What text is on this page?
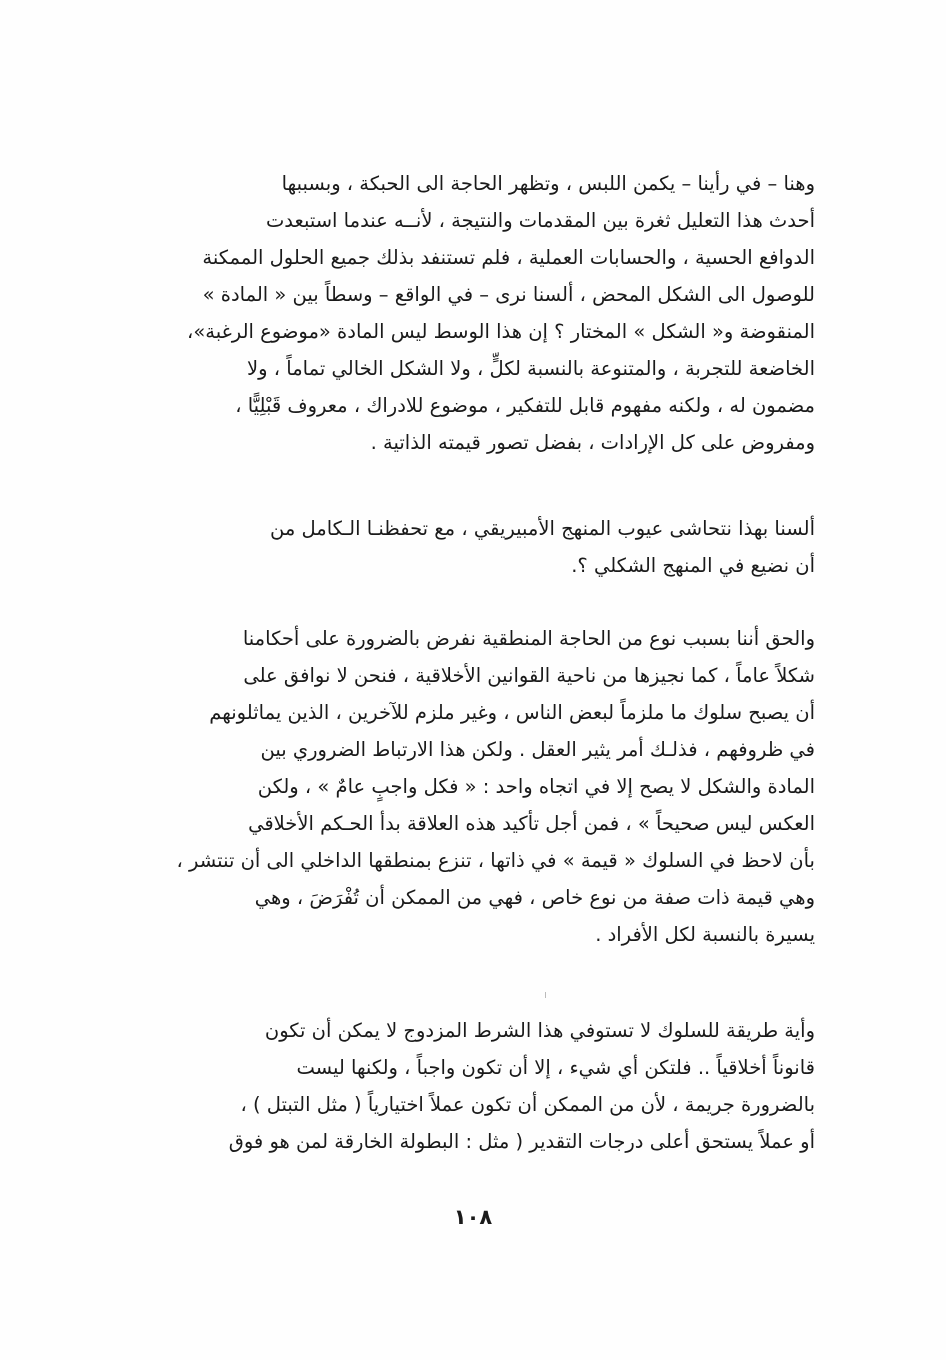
وهنا – في رأينا – يكمن اللبس ، وتظهر الحاجة الى الحبكة ، وبسببها
أحدث هذا التعليل ثغرة بين المقدمات والنتيجة ، لأنــه عندما استبعدت
الدوافع الحسية ، والحسابات العملية ، فلم تستنفد بذلك جميع الحلول الممكنة
للوصول الى الشكل المحض ، ألسنا نرى – في الواقع – وسطاً بين « المادة »
المنقوضة و« الشكل » المختار ؟ إن هذا الوسط ليس المادة «موضوع الرغبة»،
الخاضعة للتجربة ، والمتنوعة بالنسبة لكلٍّ ، ولا الشكل الخالي تماماً ، ولا
مضمون له ، ولكنه مفهوم قابل للتفكير ، موضوع للادراك ، معروف قَبْلِيًّا ،
ومفروض على كل الإرادات ، بفضل تصور قيمته الذاتية .
ألسنا بهذا نتحاشى عيوب المنهج الأمبيريقي ، مع تحفظنـا الـكامل من
أن نضيع في المنهج الشكلي ؟.
والحق أننا بسبب نوع من الحاجة المنطقية نفرض بالضرورة على أحكامنا
شكلاً عاماً ، كما نجيزها من ناحية القوانين الأخلاقية ، فنحن لا نوافق على
أن يصبح سلوك ما ملزماً لبعض الناس ، وغير ملزم للآخرين ، الذين يماثلونهم
في ظروفهم ، فذلـك أمر يثير العقل . ولكن هذا الارتباط الضروري بين
المادة والشكل لا يصح إلا في اتجاه واحد : « فكل واجبٍ عامٌ » ، ولكن
العكس ليس صحيحاً » ، فمن أجل تأكيد هذه العلاقة بدأ الحـكم الأخلاقي
بأن لاحظ في السلوك « قيمة » في ذاتها ، تنزع بمنطقها الداخلي الى أن تنتشر ،
وهي قيمة ذات صفة من نوع خاص ، فهي من الممكن أن تُفْرَضَ ، وهي
يسيرة بالنسبة لكل الأفراد .
وأية طريقة للسلوك لا تستوفي هذا الشرط المزدوج لا يمكن أن تكون
قانوناً أخلاقياً .. فلتكن أي شيء ، إلا أن تكون واجباً ، ولكنها ليست
بالضرورة جريمة ، لأن من الممكن أن تكون عملاً اختيارياً ( مثل التبتل ) ،
أو عملاً يستحق أعلى درجات التقدير ( مثل : البطولة الخارقة لمن هو فوق
١٠٨
